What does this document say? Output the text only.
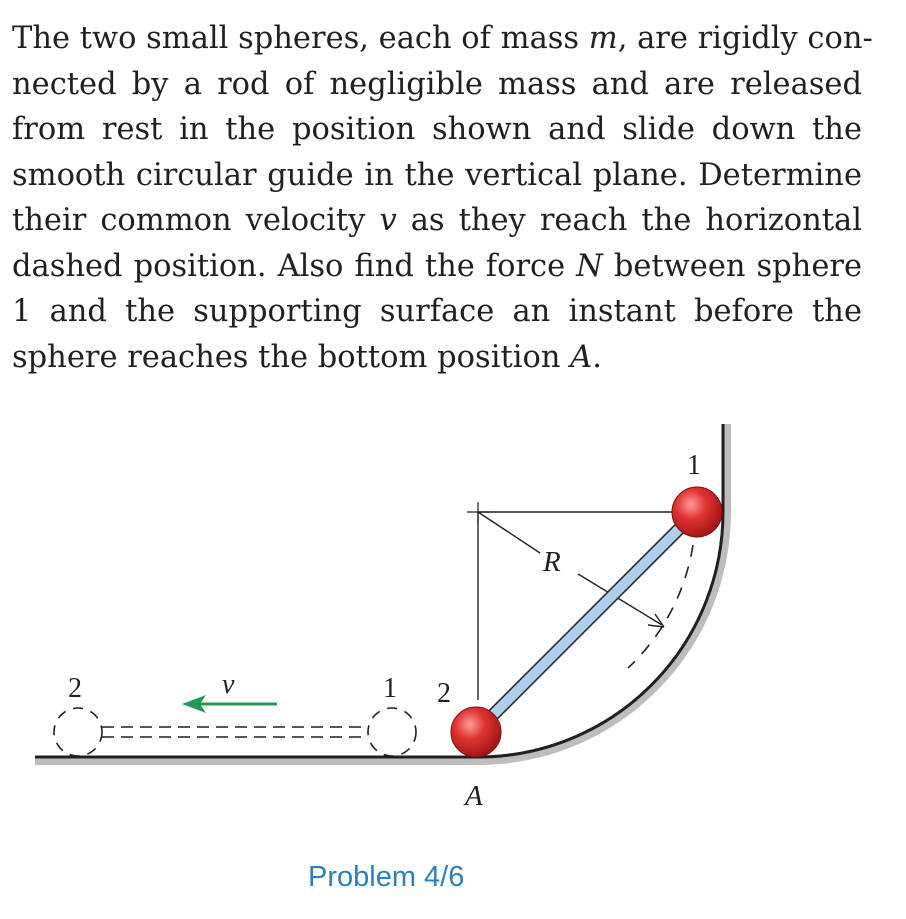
The two small spheres, each of mass m, are rigidly con-
nected by a rod of negligible mass and are released
from rest in the position shown and slide down the
smooth circular guide in the vertical plane. Determine
their common velocity v as they reach the horizontal
dashed position. Also find the force N between sphere
1 and the supporting surface an instant before the
sphere reaches the bottom position A.
R
1
2
2	1
v
A
Problem 4/6
